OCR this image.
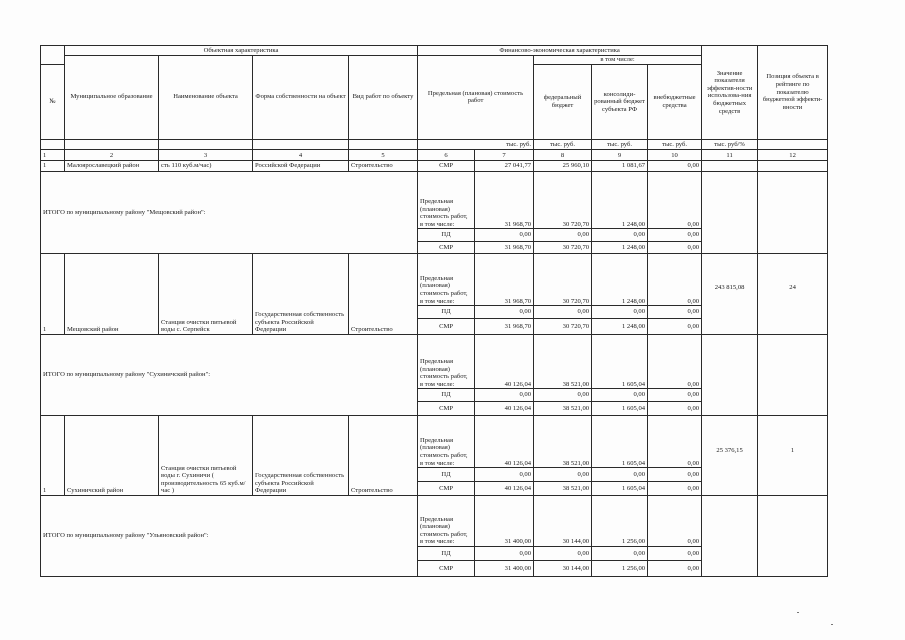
	Объектная характеристика				Финансово-экономическая характеристика					Значение показателя эффектив-ности использова-ния бюджетных средств	Позиция объекта в рейтинге по показателю бюджетной эффекти-вности
	Муниципальное образование	Наименование объекта	Форма собственности на объект	Вид работ по объекту	Предельная (плановая) стоимость работ		в том числе:				
№							федеральный бюджет	консолиди-рованный бюджет субъекта РФ	внебюджетные средства		
					тыс. руб.		тыс. руб.	тыс. руб.	тыс. руб.	тыс. руб/%	
1	2	3	4	5	6	7	8	9	10	11	12
1	Малоярославецкий район	сть 110 куб.м/час)	Российской Федерации	Строительство	СМР	27 041,77	25 960,10	1 081,67	0,00		
ИТОГО по муниципальному району "Мещовский район":					Предельная (плановая) стоимость работ, в том числе:	31 968,70	30 720,70	1 248,00	0,00		
					ПД	0,00	0,00	0,00	0,00		
					СМР	31 968,70	30 720,70	1 248,00	0,00		
1	Мещовский район	Станция очистки питьевой воды с. Серпейск	Государственная собственность субъекта Российской Федерации	Строительство	Предельная (плановая) стоимость работ, в том числе:	31 968,70	30 720,70	1 248,00	0,00	243 815,08	24
					ПД	0,00	0,00	0,00	0,00		
					СМР	31 968,70	30 720,70	1 248,00	0,00		
ИТОГО по муниципальному району "Сухиничский район":					Предельная (плановая) стоимость работ, в том числе:	40 126,04	38 521,00	1 605,04	0,00		
					ПД	0,00	0,00	0,00	0,00		
					СМР	40 126,04	38 521,00	1 605,04	0,00		
1	Сухиничский район	Станция очистки питьевой воды г. Сухиничи ( производительность 65 куб.м/час )	Государственная собственность субъекта Российской Федерации	Строительство	Предельная (плановая) стоимость работ, в том числе:	40 126,04	38 521,00	1 605,04	0,00	25 376,15	1
					ПД	0,00	0,00	0,00	0,00		
					СМР	40 126,04	38 521,00	1 605,04	0,00		
ИТОГО по муниципальному району "Ульяновский район":					Предельная (плановая) стоимость работ, в том числе:	31 400,00	30 144,00	1 256,00	0,00		
					ПД	0,00	0,00	0,00	0,00		
					СМР	31 400,00	30 144,00	1 256,00	0,00		
